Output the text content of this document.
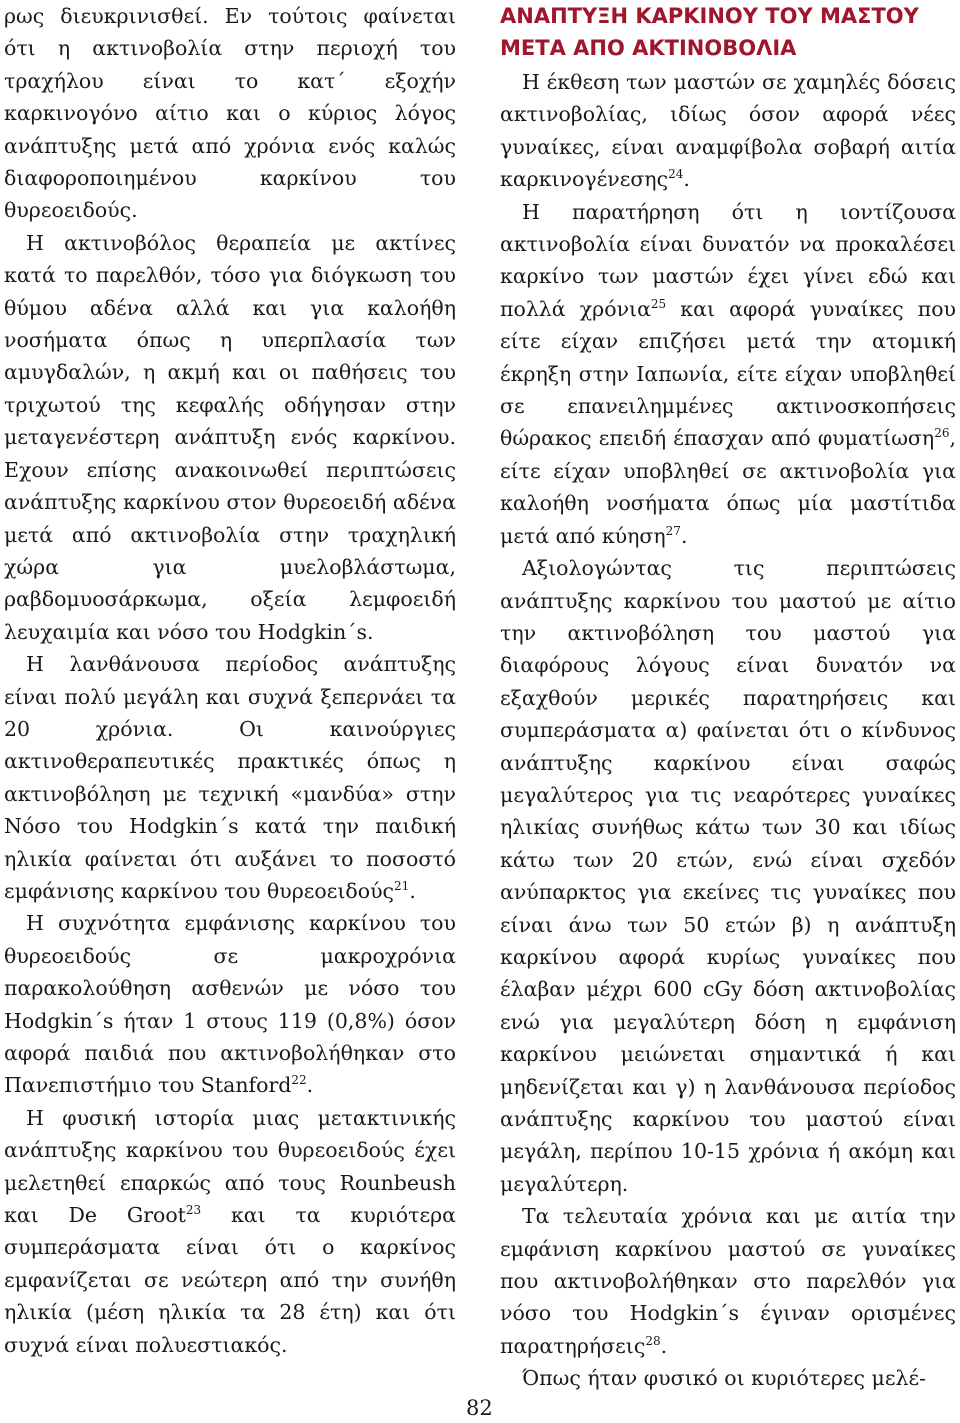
ρως διευκρινισθεί. Εν τούτοις φαίνεται ότι η ακτινοβολία στην περιοχή του τραχήλου είναι το κατ΄ εξοχήν καρκινογόνο αίτιο και ο κύριος λόγος ανάπτυξης μετά από χρόνια ενός καλώς διαφοροποιημένου καρκίνου του θυρεοειδούς.

Η ακτινοβόλος θεραπεία με ακτίνες κατά το παρελθόν, τόσο για διόγκωση του θύμου αδένα αλλά και για καλοήθη νοσήματα όπως η υπερπλασία των αμυγδαλών, η ακμή και οι παθήσεις του τριχωτού της κεφαλής οδήγησαν στην μεταγενέστερη ανάπτυξη ενός καρκίνου. Εχουν επίσης ανακοινωθεί περιπτώσεις ανάπτυξης καρκίνου στον θυρεοειδή αδένα μετά από ακτινοβολία στην τραχηλική χώρα για μυελοβλάστωμα, ραβδομυοσάρκωμα, οξεία λεμφοειδή λευχαιμία και νόσο του Hodgkin΄s.

Η λανθάνουσα περίοδος ανάπτυξης είναι πολύ μεγάλη και συχνά ξεπερνάει τα 20 χρόνια. Οι καινούργιες ακτινοθεραπευτικές πρακτικές όπως η ακτινοβόληση με τεχνική «μανδύα» στην Νόσο του Hodgkin΄s κατά την παιδική ηλικία φαίνεται ότι αυξάνει το ποσοστό εμφάνισης καρκίνου του θυρεοειδούς$^{21}$.

Η συχνότητα εμφάνισης καρκίνου του θυρεοειδούς σε μακροχρόνια παρακολούθηση ασθενών με νόσο του Hodgkin΄s ήταν 1 στους 119 (0,8%) όσον αφορά παιδιά που ακτινοβολήθηκαν στο Πανεπιστήμιο του Stanford$^{22}$.

Η φυσική ιστορία μιας μετακτινικής ανάπτυξης καρκίνου του θυρεοειδούς έχει μελετηθεί επαρκώς από τους Rounbeush και De Groot$^{23}$ και τα κυριότερα συμπεράσματα είναι ότι ο καρκίνος εμφανίζεται σε νεώτερη από την συνήθη ηλικία (μέση ηλικία τα 28 έτη) και ότι συχνά είναι πολυεστιακός.

ΑΝΑΠΤΥΞΗ ΚΑΡΚΙΝΟΥ ΤΟΥ ΜΑΣΤΟΥ ΜΕΤΑ ΑΠΟ ΑΚΤΙΝΟΒΟΛΙΑ

Η έκθεση των μαστών σε χαμηλές δόσεις ακτινοβολίας, ιδίως όσον αφορά νέες γυναίκες, είναι αναμφίβολα σοβαρή αιτία καρκινογένεσης$^{24}$.

Η παρατήρηση ότι η ιοντίζουσα ακτινοβολία είναι δυνατόν να προκαλέσει καρκίνο των μαστών έχει γίνει εδώ και πολλά χρόνια$^{25}$ και αφορά γυναίκες που είτε είχαν επιζήσει μετά την ατομική έκρηξη στην Ιαπωνία, είτε είχαν υποβληθεί σε επανειλημμένες ακτινοσκοπήσεις θώρακος επειδή έπασχαν από φυματίωση$^{26}$, είτε είχαν υποβληθεί σε ακτινοβολία για καλοήθη νοσήματα όπως μία μαστίτιδα μετά από κύηση$^{27}$.

Αξιολογώντας τις περιπτώσεις ανάπτυξης καρκίνου του μαστού με αίτιο την ακτινοβόληση του μαστού για διαφόρους λόγους είναι δυνατόν να εξαχθούν μερικές παρατηρήσεις και συμπεράσματα α) φαίνεται ότι ο κίνδυνος ανάπτυξης καρκίνου είναι σαφώς μεγαλύτερος για τις νεαρότερες γυναίκες ηλικίας συνήθως κάτω των 30 και ιδίως κάτω των 20 ετών, ενώ είναι σχεδόν ανύπαρκτος για εκείνες τις γυναίκες που είναι άνω των 50 ετών β) η ανάπτυξη καρκίνου αφορά κυρίως γυναίκες που έλαβαν μέχρι 600 cGy δόση ακτινοβολίας ενώ για μεγαλύτερη δόση η εμφάνιση καρκίνου μειώνεται σημαντικά ή και μηδενίζεται και γ) η λανθάνουσα περίοδος ανάπτυξης καρκίνου του μαστού είναι μεγάλη, περίπου 10-15 χρόνια ή ακόμη και μεγαλύτερη.

Τα τελευταία χρόνια και με αιτία την εμφάνιση καρκίνου μαστού σε γυναίκες που ακτινοβολήθηκαν στο παρελθόν για νόσο του Hodgkin΄s έγιναν ορισμένες παρατηρήσεις$^{28}$.

Όπως ήταν φυσικό οι κυριότερες μελέ-

82
